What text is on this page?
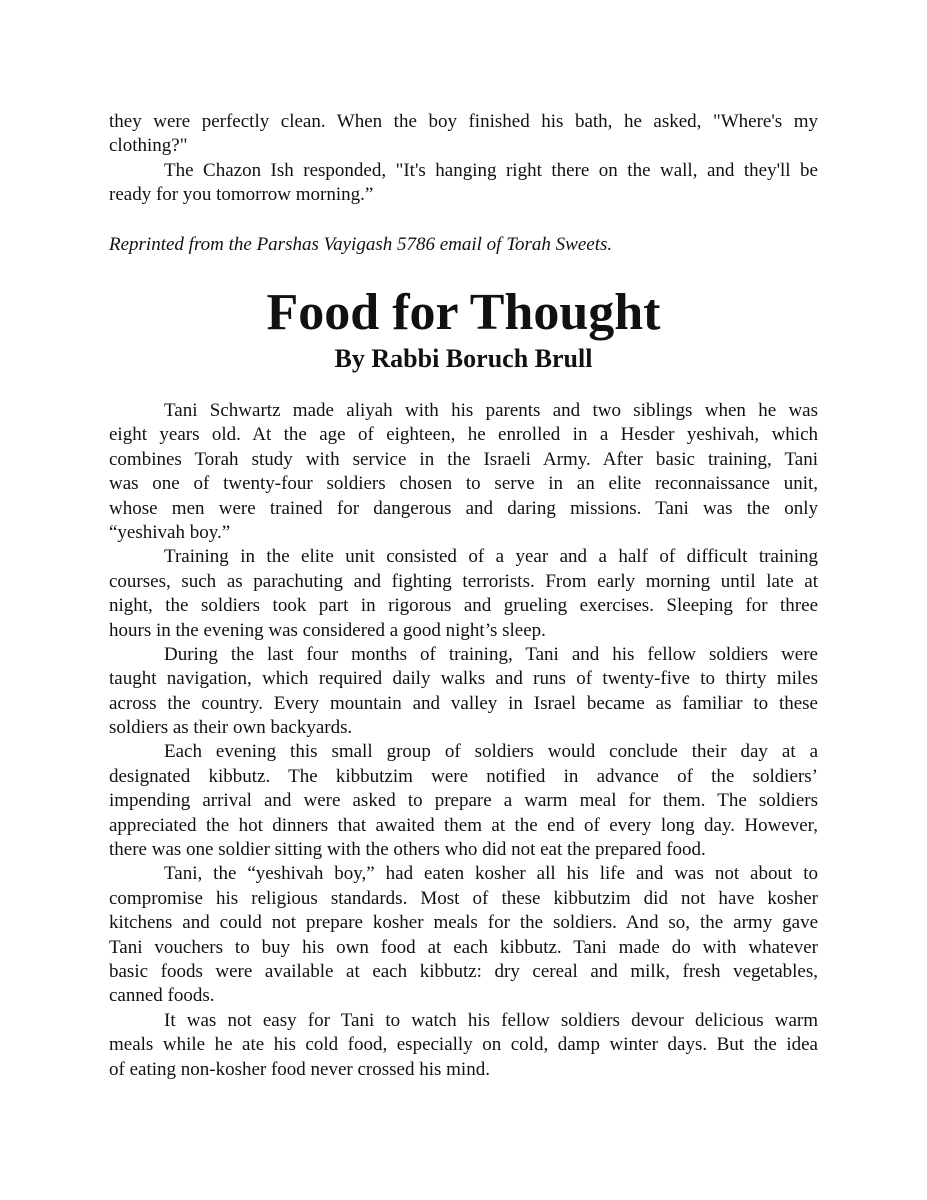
they were perfectly clean. When the boy finished his bath, he asked, "Where's my
clothing?"
The Chazon Ish responded, "It's hanging right there on the wall, and they'll be
ready for you tomorrow morning.”
Reprinted from the Parshas Vayigash 5786 email of Torah Sweets.
Food for Thought
By Rabbi Boruch Brull
Tani Schwartz made aliyah with his parents and two siblings when he was
eight years old. At the age of eighteen, he enrolled in a Hesder yeshivah, which
combines Torah study with service in the Israeli Army. After basic training, Tani
was one of twenty-four soldiers chosen to serve in an elite reconnaissance unit,
whose men were trained for dangerous and daring missions. Tani was the only
“yeshivah boy.”
Training in the elite unit consisted of a year and a half of difficult training
courses, such as parachuting and fighting terrorists. From early morning until late at
night, the soldiers took part in rigorous and grueling exercises. Sleeping for three
hours in the evening was considered a good night’s sleep.
During the last four months of training, Tani and his fellow soldiers were
taught navigation, which required daily walks and runs of twenty-five to thirty miles
across the country. Every mountain and valley in Israel became as familiar to these
soldiers as their own backyards.
Each evening this small group of soldiers would conclude their day at a
designated kibbutz. The kibbutzim were notified in advance of the soldiers’
impending arrival and were asked to prepare a warm meal for them. The soldiers
appreciated the hot dinners that awaited them at the end of every long day. However,
there was one soldier sitting with the others who did not eat the prepared food.
Tani, the “yeshivah boy,” had eaten kosher all his life and was not about to
compromise his religious standards. Most of these kibbutzim did not have kosher
kitchens and could not prepare kosher meals for the soldiers. And so, the army gave
Tani vouchers to buy his own food at each kibbutz. Tani made do with whatever
basic foods were available at each kibbutz: dry cereal and milk, fresh vegetables,
canned foods.
It was not easy for Tani to watch his fellow soldiers devour delicious warm
meals while he ate his cold food, especially on cold, damp winter days. But the idea
of eating non-kosher food never crossed his mind.
